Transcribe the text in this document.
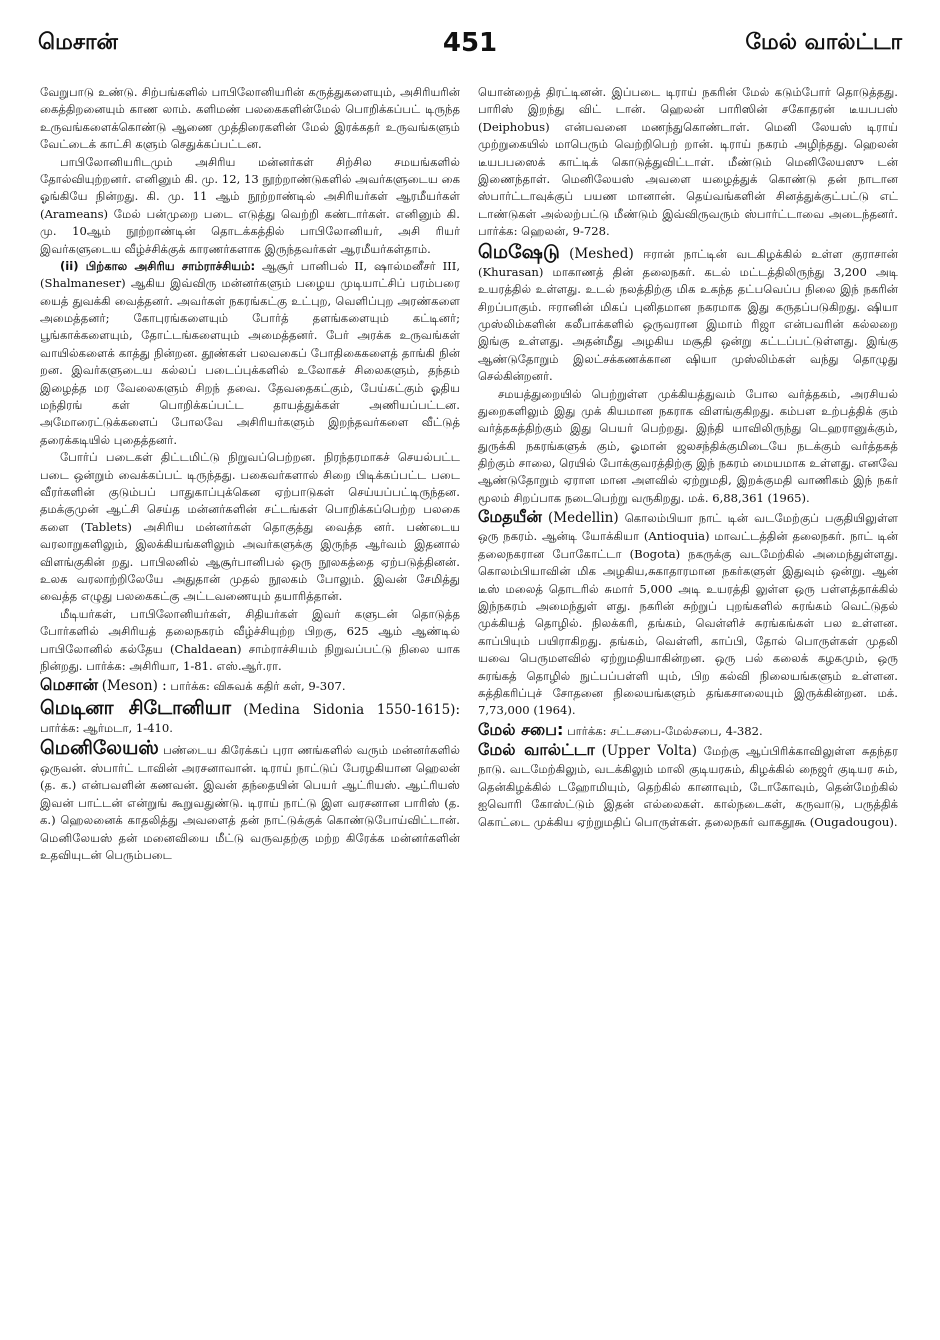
மெசான்	451	மேல் வால்ட்டா

வேறுபாடு உண்டு. சிற்பங்களில் பாபிலோனியரின் கருத்துகளையும், அசிரியரின் கைத்திறனையும் காண லாம். களிமண் பலகைகளின்மேல் பொறிக்கப்பட் டிருந்த உருவங்களைக்கொண்டு ஆணை முத்திரைகளின் மேல் இரக்கதர் உருவங்களும் வேட்டைக் காட்சி களும் செதுக்கப்பட்டன.

பாபிலோனியரிடமும் அசிரிய மன்னர்கள் சிற்சில சமயங்களில் தோல்வியுற்றனர். எனினும் கி. மு. 12, 13 நூற்றாண்டுகளில் அவர்களுடைய கை ஓங்கியே நின்றது. கி. மு. 11 ஆம் நூற்றாண்டில் அசிரியர்கள் ஆரமீயர்கள் (Arameans) மேல் பன்முறை படை எடுத்து வெற்றி கண்டார்கள். எனினும் கி. மு. 10ஆம் நூற்றாண்டின் தொடக்கத்தில் பாபிலோனியர், அசி ரியர் இவர்களுடைய வீழ்ச்சிக்குக் காரணர்களாக இருந்தவர்கள் ஆரமீயர்கள்தாம்.

(ii) பிற்கால அசிரிய சாம்ராச்சியம்: ஆசூர் பானிபல் II, ஷால்மனீசர் III, (Shalmaneser) ஆகிய இவ்விரு மன்னர்களும் பழைய முடியாட்சிப் பரம்பரை யைத் துவக்கி வைத்தனர். அவர்கள் நகரங்கட்கு உட்புற, வெளிப்புற அரண்களை அமைத்தனர்; கோபுரங்களையும் போர்த் தளங்களையும் கட்டினர்; பூங்காக்களையும், தோட்டங்களையும் அமைத்தனர். பேர் அரக்க உருவங்கள் வாயில்களைக் காத்து நின்றன. தூண்கள் பலவகைப் போதிகைகளைத் தாங்கி நின் றன. இவர்களுடைய கல்லப் படைப்புக்களில் உலோகச் சிலைகளும், தந்தம் இழைத்த மர வேலைகளும் சிறந் தவை. தேவதைகட்கும், பேய்கட்கும் ஓதிய மந்திரங் கள் பொறிக்கப்பட்ட தாயத்துக்கள் அணியப்பட்டன. அமோரைட்டுக்களைப் போலவே அசிரியர்களும் இறந்தவர்களை வீட்டுத் தரைக்கடியில் புதைத்தனர்.

போர்ப் படைகள் திட்டமிட்டு நிறுவப்பெற்றன. நிரந்தரமாகச் செயல்பட்ட படை ஒன்றும் வைக்கப்பட் டிருந்தது. பகைவர்களால் சிறை பிடிக்கப்பட்ட படை வீரர்களின் குடும்பப் பாதுகாப்புக்கென ஏற்பாடுகள் செய்யப்பட்டிருந்தன. தமக்குமுன் ஆட்சி செய்த மன்னர்களின் சட்டங்கள் பொறிக்கப்பெற்ற பலகை களை (Tablets) அசிரிய மன்னர்கள் தொகுத்து வைத்த னர். பண்டைய வரலாறுகளிலும், இலக்கியங்களிலும் அவர்களுக்கு இருந்த ஆர்வம் இதனால் விளங்குகின் றது. பாபிலனில் ஆசூர்பானிபல் ஒரு நூலகத்தை ஏற்படுத்தினன். உலக வரலாற்றிலேயே அதுதான் முதல் நூலகம் போலும். இவன் சேமித்து வைத்த எழுது பலகைகட்கு அட்டவணையும் தயாரித்தான்.

மீடியர்கள், பாபிலோனியர்கள், சிதியர்கள் இவர் களுடன் தொடுத்த போர்களில் அசிரியத் தலைநகரம் வீழ்ச்சியுற்ற பிறகு, 625 ஆம் ஆண்டில் பாபிலோனில் கல்தேய (Chaldaean) சாம்ராச்சியம் நிறுவப்பட்டு நிலை யாக நின்றது. பார்க்க: அசிரியா, 1-81. எஸ்.ஆர்.ரா.

மெசான் (Meson) : பார்க்க: விசுவக் கதிர் கள், 9-307.

மெடினா சிடோனியா (Medina Sidonia 1550-1615): பார்க்க: ஆர்மடா, 1-410.

மெனிலேயஸ் பண்டைய கிரேக்கப் புரா ணங்களில் வரும் மன்னர்களில் ஒருவன். ஸ்பார்ட் டாவின் அரசனாவான். டிராய் நாட்டுப் பேரழகியான ஹெலன் (த. க.) என்பவளின் கணவன். இவன் தந்தையின் பெயர் ஆட்ரியஸ். ஆட்ரியஸ் இவன் பாட்டன் என்றுங் கூறுவதுண்டு. டிராய் நாட்டு இள வரசனான பாரிஸ் (த. க.) ஹெலனைக் காதலித்து அவளைத் தன் நாட்டுக்குக் கொண்டுபோய்விட்டான். மெனிலேயஸ் தன் மனைவியை மீட்டு வருவதற்கு மற்ற கிரேக்க மன்னர்களின் உதவியுடன் பெரும்படை

யொன்றைத் திரட்டினன். இப்படை டிராய் நகரின் மேல் கடும்போர் தொடுத்தது. பாரிஸ் இறந்து விட் டான். ஹெலன் பாரிஸின் சகோதரன் டீயபபஸ் (Deiphobus) என்பவனை மணந்துகொண்டாள். மெனி லேயஸ் டிராய் முற்றுகையில் மாபெரும் வெற்றிபெற் றான். டிராய் நகரம் அழிந்தது. ஹெலன் டீயபபஸைக் காட்டிக் கொடுத்துவிட்டாள். மீண்டும் மெனிலேயஸு டன் இணைந்தாள். மெனிலேயஸ் அவளை யழைத்துக் கொண்டு தன் நாடான ஸ்பார்ட்டாவுக்குப் பயண மானான். தெய்வங்களின் சினத்துக்குட்பட்டு எட் டாண்டுகள் அல்லற்பட்டு மீண்டும் இவ்விருவரும் ஸ்பார்ட்டாவை அடைந்தனர். பார்க்க: ஹெலன், 9-728.

மெஷேடு (Meshed) ஈரான் நாட்டின் வடகிழக்கில் உள்ள குராசான் (Khurasan) மாகாணத் தின் தலைநகர். கடல் மட்டத்திலிருந்து 3,200 அடி உயரத்தில் உள்ளது. உடல் நலத்திற்கு மிக உகந்த தட்பவெப்ப நிலை இந் நகரின் சிறப்பாகும். ஈரானின் மிகப் புனிதமான நகரமாக இது கருதப்படுகிறது. ஷியா முஸ்லிம்களின் கலீபாக்களில் ஒருவரான இமாம் ரிஜா என்பவரின் கல்லறை இங்கு உள்ளது. அதன்மீது அழகிய மசூதி ஒன்று கட்டப்பட்டுள்ளது. இங்கு ஆண்டுதோறும் இலட்சக்கணக்கான ஷியா முஸ்லிம்கள் வந்து தொழுது செல்கின்றனர்.

சமயத்துறையில் பெற்றுள்ள முக்கியத்துவம் போல வர்த்தகம், அரசியல் துறைகளிலும் இது முக் கியமான நகராக விளங்குகிறது. கம்பள உற்பத்திக் கும் வர்த்தகத்திற்கும் இது பெயர் பெற்றது. இந்தி யாவிலிருந்து டெஹரானுக்கும், துருக்கி நகரங்களுக் கும், ஓமான் ஜலசந்திக்குமிடையே நடக்கும் வர்த்தகத் திற்கும் சாலை, ரெயில் போக்குவரத்திற்கு இந் நகரம் மையமாக உள்ளது. எனவே ஆண்டுதோறும் ஏராள மான அளவில் ஏற்றுமதி, இறக்குமதி வாணிகம் இந் நகர் மூலம் சிறப்பாக நடைபெற்று வருகிறது. மக். 6,88,361 (1965).

மேதயீன் (Medellin) கொலம்பியா நாட் டின் வடமேற்குப் பகுதியிலுள்ள ஒரு நகரம். ஆன்டி யோக்கியா (Antioquia) மாவட்டத்தின் தலைநகர். நாட் டின் தலைநகரான போகோட்டா (Bogota) நகருக்கு வடமேற்கில் அமைந்துள்ளது. கொலம்பியாவின் மிக அழகிய,சுகாதாரமான நகர்களுள் இதுவும் ஒன்று. ஆன் டீஸ் மலைத் தொடரில் சுமார் 5,000 அடி உயரத்தி லுள்ள ஒரு பள்ளத்தாக்கில் இந்நகரம் அமைந்துள் ளது. நகரின் சுற்றுப் புறங்களில் சுரங்கம் வெட்டுதல் முக்கியத் தொழில். நிலக்கரி, தங்கம், வெள்ளிச் சுரங்கங்கள் பல உள்ளன. காப்பியும் பயிராகிறது. தங்கம், வெள்ளி, காப்பி, தோல் பொருள்கள் முதலி யவை பெருமளவில் ஏற்றுமதியாகின்றன. ஒரு பல் கலைக் கழகமும், ஒரு சுரங்கத் தொழில் நுட்பப்பள்ளி யும், பிற கல்வி நிலையங்களும் உள்ளன. சுத்திகரிப்புச் சோதனை நிலையங்களும் தங்கசாலையும் இருக்கின்றன. மக். 7,73,000 (1964).

மேல் சபை: பார்க்க: சட்டசபை-மேல்சபை, 4-382.

மேல் வால்ட்டா (Upper Volta) மேற்கு ஆப்பிரிக்காவிலுள்ள சுதந்தர நாடு. வடமேற்கிலும், வடக்கிலும் மாலி குடியரசும், கிழக்கில் நைஜர் குடியர சும், தென்கிழக்கில் டஹோமியும், தெற்கில் கானாவும், டோகோவும், தென்மேற்கில் ஐவொரி கோஸ்ட்டும் இதன் எல்லைகள். கால்நடைகள், கருவாடு, பருத்திக் கொட்டை முக்கிய ஏற்றுமதிப் பொருள்கள். தலைநகர் வாகதூகூ (Ougadougou).
